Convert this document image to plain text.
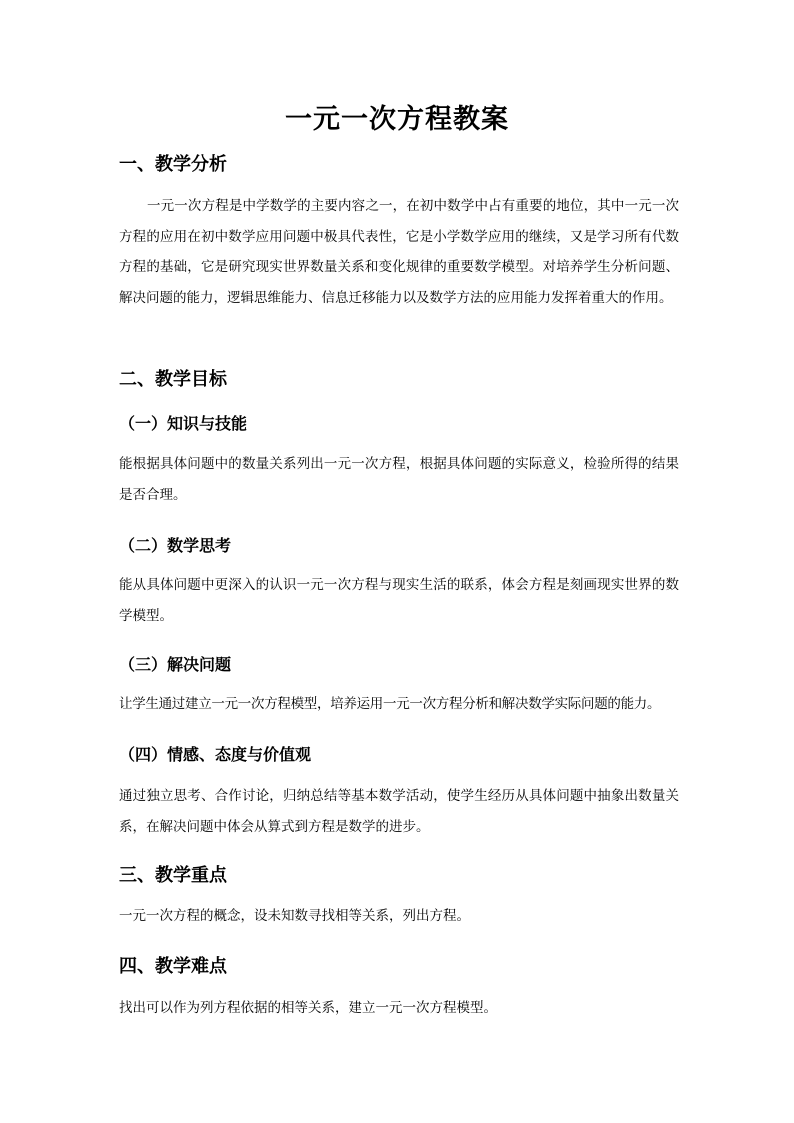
一元一次方程教案
一、教学分析
一元一次方程是中学数学的主要内容之一，在初中数学中占有重要的地位，其中一元一次方程的应用在初中数学应用问题中极具代表性，它是小学数学应用的继续，又是学习所有代数方程的基础，它是研究现实世界数量关系和变化规律的重要数学模型。对培养学生分析问题、解决问题的能力，逻辑思维能力、信息迁移能力以及数学方法的应用能力发挥着重大的作用。
二、教学目标
（一）知识与技能
能根据具体问题中的数量关系列出一元一次方程，根据具体问题的实际意义，检验所得的结果是否合理。
（二）数学思考
能从具体问题中更深入的认识一元一次方程与现实生活的联系，体会方程是刻画现实世界的数学模型。
（三）解决问题
让学生通过建立一元一次方程模型，培养运用一元一次方程分析和解决数学实际问题的能力。
（四）情感、态度与价值观
通过独立思考、合作讨论，归纳总结等基本数学活动，使学生经历从具体问题中抽象出数量关系，在解决问题中体会从算式到方程是数学的进步。
三、教学重点
一元一次方程的概念，设未知数寻找相等关系，列出方程。
四、教学难点
找出可以作为列方程依据的相等关系，建立一元一次方程模型。
